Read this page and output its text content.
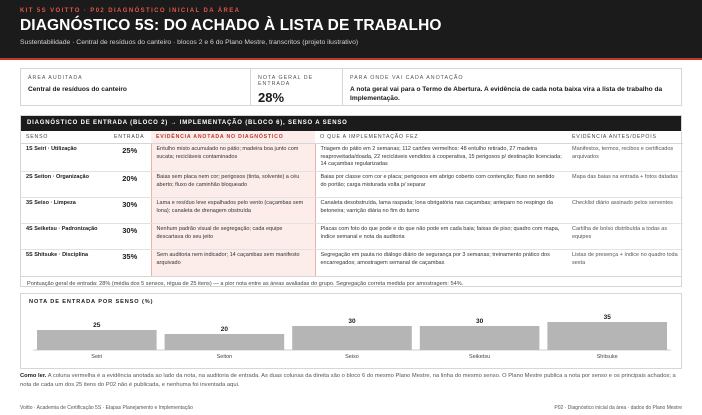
KIT 5S VOITTO · P02 DIAGNÓSTICO INICIAL DA ÁREA
DIAGNÓSTICO 5S: DO ACHADO À LISTA DE TRABALHO
Sustentabilidade · Central de resíduos do canteiro · blocos 2 e 6 do Plano Mestre, transcritos (projeto ilustrativo)
ÁREA AUDITADA
Central de resíduos do canteiro
NOTA GERAL DE ENTRADA
28%
PARA ONDE VAI CADA ANOTAÇÃO
A nota geral vai para o Termo de Abertura. A evidência de cada nota baixa vira a lista de trabalho da Implementação.
DIAGNÓSTICO DE ENTRADA (BLOCO 2) → IMPLEMENTAÇÃO (BLOCO 6), SENSO A SENSO
SENSO	ENTRADA	EVIDÊNCIA ANOTADA NO DIAGNÓSTICO	O QUE A IMPLEMENTAÇÃO FEZ	EVIDÊNCIA ANTES/DEPOIS
1S Seiri · Utilização	25%	Entulho misto acumulado no pátio; madeira boa junto com sucata; recicláveis contaminados	Triagem do pátio em 2 semanas; 112 cartões vermelhos: 48 entulho retirado, 27 madeira reaproveitada/doada, 22 recicláveis vendidos à cooperativa, 15 perigosos p/ destinação licenciada; 14 caçambas regularizadas	Manifestos, termos, recibos e certificados arquivados
2S Seiton · Organização	20%	Baias sem placa nem cor; perigosos (tinta, solvente) a céu aberto; fluxo de caminhão bloqueado	Baias por classe com cor e placa; perigosos em abrigo coberto com contenção; fluxo no sentido do portão; carga misturada volta p/ separar	Mapa das baias na entrada + fotos datadas
3S Seiso · Limpeza	30%	Lama e resíduo leve espalhados pelo vento (caçambas sem lona); canaleta de drenagem obstruída	Canaleta desobstruída, lama raspada; lona obrigatória nas caçambas; anteparo no respingo da betoneira; varrição diária no fim do turno	Checklist diário assinado pelos serventes
4S Seiketsu · Padronização	30%	Nenhum padrão visual de segregação; cada equipe descartava do seu jeito	Placas com foto do que pode e do que não pode em cada baia; faixas de piso; quadro com mapa, índice semanal e nota da auditoria	Cartilha de bolso distribuída a todas as equipes
5S Shitsuke · Disciplina	35%	Sem auditoria nem indicador; 14 caçambas sem manifesto arquivado	Segregação em pauta no diálogo diário de segurança por 3 semanas; treinamento prático dos encarregados; amostragem semanal de caçambas	Listas de presença + índice no quadro toda sexta
Pontuação geral de entrada: 28% (média dos 5 sensos, régua de 25 itens) — a pior nota entre as áreas avaliadas do grupo. Segregação correta medida por amostragem: 54%.
NOTA DE ENTRADA POR SENSO (%)
25
Seiri
20
Seiton
30
Seiso
30
Seiketsu
35
Shitsuke
Como ler. A coluna vermelha é a evidência anotada ao lado da nota, na auditoria de entrada. As duas colunas da direita são o bloco 6 do mesmo Plano Mestre, na linha do mesmo senso. O Plano Mestre publica a nota por senso e os principais achados; a nota de cada um dos 25 itens do P02 não é publicada, e nenhuma foi inventada aqui.
Voitto · Academia de Certificação 5S · Etapas Planejamento e Implementação	P02 · Diagnóstico inicial da área · dados do Plano Mestre
